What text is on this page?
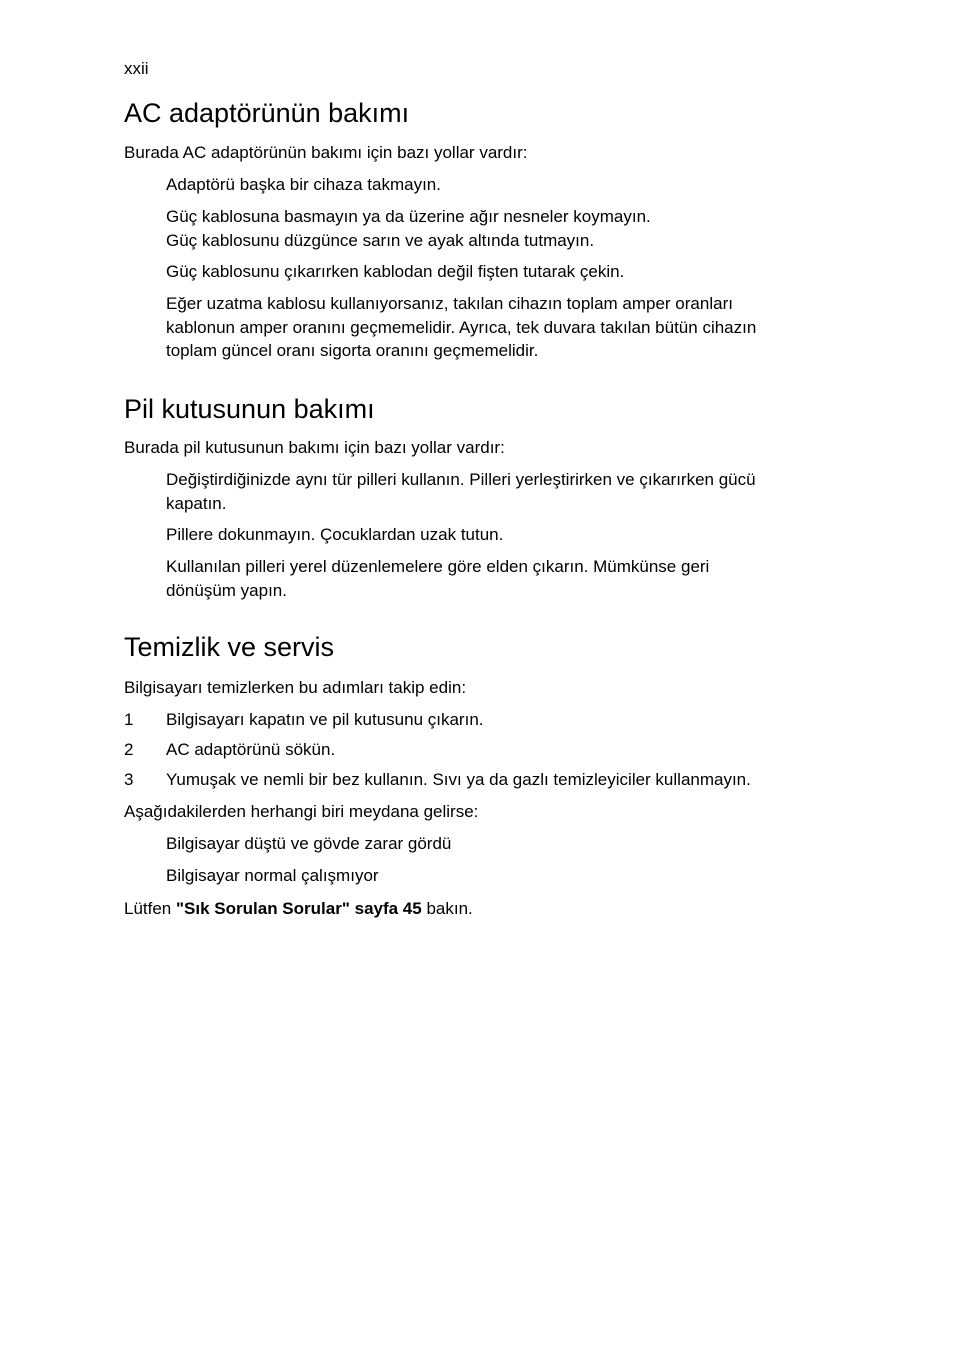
xxii
AC adaptörünün bakımı

Burada AC adaptörünün bakımı için bazı yollar vardır:

Adaptörü başka bir cihaza takmayın.

Güç kablosuna basmayın ya da üzerine ağır nesneler koymayın.
Güç kablosunu düzgünce sarın ve ayak altında tutmayın.

Güç kablosunu çıkarırken kablodan değil fişten tutarak çekin.

Eğer uzatma kablosu kullanıyorsanız, takılan cihazın toplam amper oranları
kablonun amper oranını geçmemelidir. Ayrıca, tek duvara takılan bütün cihazın
toplam güncel oranı sigorta oranını geçmemelidir.

Pil kutusunun bakımı

Burada pil kutusunun bakımı için bazı yollar vardır:

Değiştirdiğinizde aynı tür pilleri kullanın. Pilleri yerleştirirken ve çıkarırken gücü
kapatın.

Pillere dokunmayın. Çocuklardan uzak tutun.

Kullanılan pilleri yerel düzenlemelere göre elden çıkarın. Mümkünse geri
dönüşüm yapın.

Temizlik ve servis

Bilgisayarı temizlerken bu adımları takip edin:

1 Bilgisayarı kapatın ve pil kutusunu çıkarın.

2 AC adaptörünü sökün.

3 Yumuşak ve nemli bir bez kullanın. Sıvı ya da gazlı temizleyiciler kullanmayın.

Aşağıdakilerden herhangi biri meydana gelirse:

Bilgisayar düştü ve gövde zarar gördü

Bilgisayar normal çalışmıyor

Lütfen "Sık Sorulan Sorular" sayfa 45 bakın.
